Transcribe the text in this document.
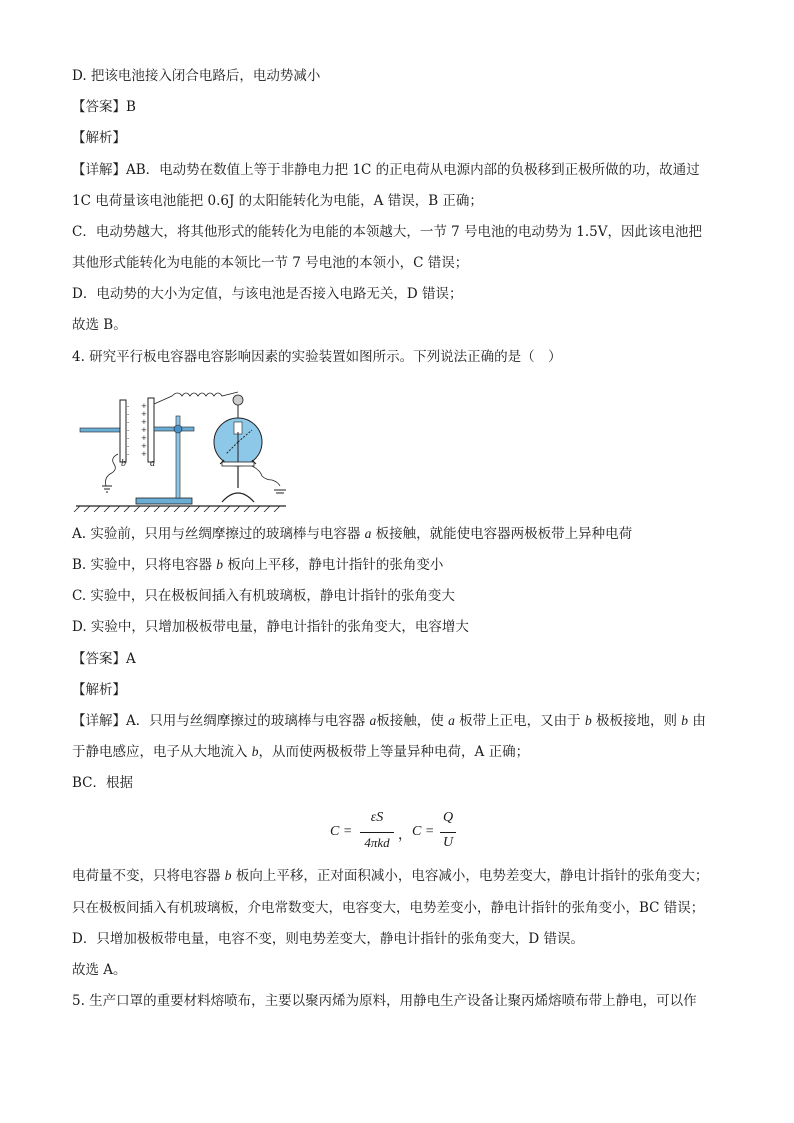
D. 把该电池接入闭合电路后，电动势减小
【答案】B
【解析】
【详解】AB．电动势在数值上等于非静电力把 1C 的正电荷从电源内部的负极移到正极所做的功，故通过
1C 电荷量该电池能把 0.6J 的太阳能转化为电能，A 错误，B 正确；
C．电动势越大，将其他形式的能转化为电能的本领越大，一节 7 号电池的电动势为 1.5V，因此该电池把
其他形式能转化为电能的本领比一节 7 号电池的本领小，C 错误；
D．电动势的大小为定值，与该电池是否接入电路无关，D 错误；
故选 B。
4. 研究平行板电容器电容影响因素的实验装置如图所示。下列说法正确的是（　）
-
-
-
-
-
-
-
b
+
+
+
+
+
+
+
a
A. 实验前，只用与丝绸摩擦过的玻璃棒与电容器 a 板接触，就能使电容器两极板带上异种电荷
B. 实验中，只将电容器 b 板向上平移，静电计指针的张角变小
C. 实验中，只在极板间插入有机玻璃板，静电计指针的张角变大
D. 实验中，只增加极板带电量，静电计指针的张角变大，电容增大
【答案】A
【解析】
【详解】A．只用与丝绸摩擦过的玻璃棒与电容器 a板接触，使 a 板带上正电，又由于 b 极板接地，则 b 由
于静电感应，电子从大地流入 b，从而使两极板带上等量异种电荷，A 正确；
BC．根据
C =
εS
4πkd ， C =
Q
U
电荷量不变，只将电容器 b 板向上平移，正对面积减小，电容减小，电势差变大，静电计指针的张角变大；
只在极板间插入有机玻璃板，介电常数变大，电容变大，电势差变小，静电计指针的张角变小，BC 错误；
D．只增加极板带电量，电容不变，则电势差变大，静电计指针的张角变大，D 错误。
故选 A。
5. 生产口罩的重要材料熔喷布，主要以聚丙烯为原料，用静电生产设备让聚丙烯熔喷布带上静电，可以作
